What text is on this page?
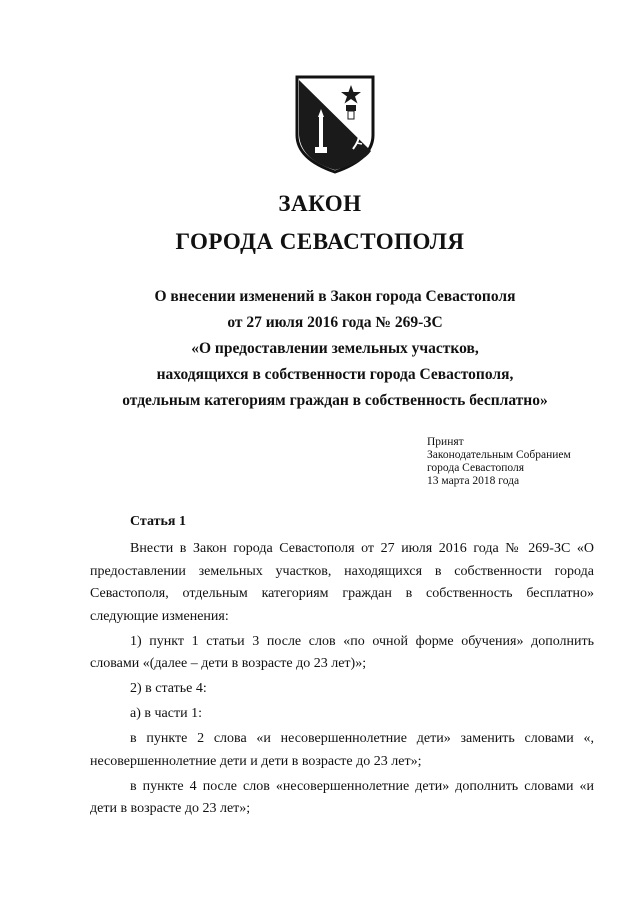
ЗАКОН
ГОРОДА СЕВАСТОПОЛЯ
О внесении изменений в Закон города Севастополя
от 27 июля 2016 года № 269-ЗС
«О предоставлении земельных участков,
находящихся в собственности города Севастополя,
отдельным категориям граждан в собственность бесплатно»
Принят
Законодательным Собранием
города Севастополя
13 марта 2018 года
Статья 1

Внести в Закон города Севастополя от 27 июля 2016 года № 269-ЗС «О предоставлении земельных участков, находящихся в собственности города Севастополя, отдельным категориям граждан в собственность бесплатно» следующие изменения:

1) пункт 1 статьи 3 после слов «по очной форме обучения» дополнить словами «(далее – дети в возрасте до 23 лет)»;

2) в статье 4:

а) в части 1:

в пункте 2 слова «и несовершеннолетние дети» заменить словами «, несовершеннолетние дети и дети в возрасте до 23 лет»;

в пункте 4 после слов «несовершеннолетние дети» дополнить словами «и дети в возрасте до 23 лет»;
